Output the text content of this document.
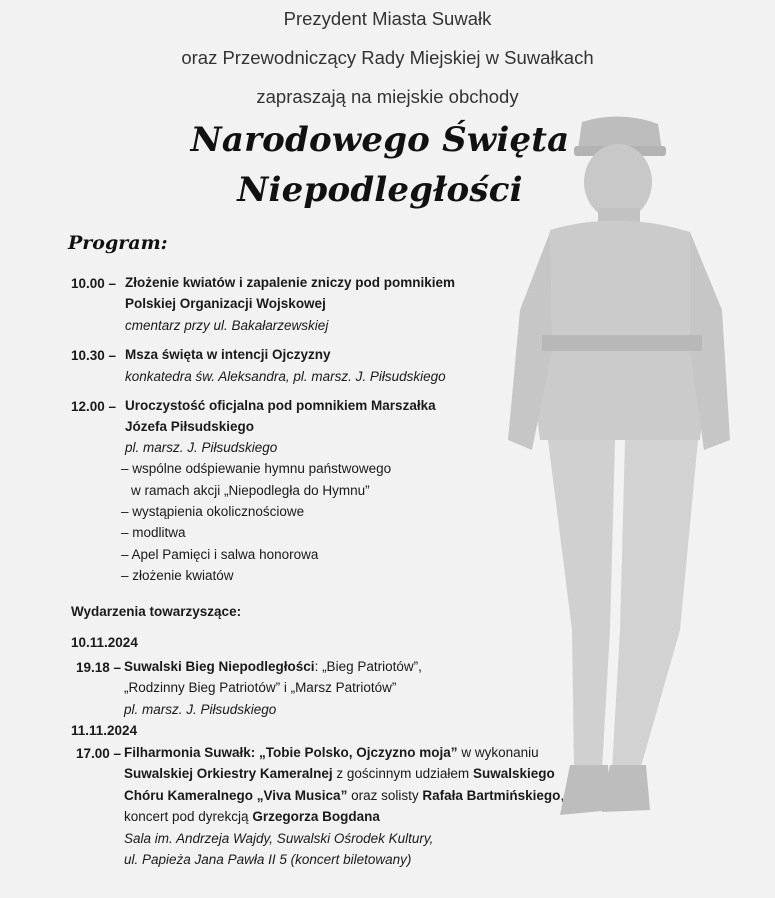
Prezydent Miasta Suwałk
oraz Przewodniczący Rady Miejskiej w Suwałkach
zapraszają na miejskie obchody
Narodowego Święta
Niepodległości
Program:
10.00 – Złożenie kwiatów i zapalenie zniczy pod pomnikiem
Polskiej Organizacji Wojskowej
cmentarz przy ul. Bakałarzewskiej
10.30 – Msza święta w intencji Ojczyzny
konkatedra św. Aleksandra, pl. marsz. J. Piłsudskiego
12.00 – Uroczystość oficjalna pod pomnikiem Marszałka
Józefa Piłsudskiego
pl. marsz. J. Piłsudskiego
– wspólne odśpiewanie hymnu państwowego
w ramach akcji „Niepodległa do Hymnu”
– wystąpienia okolicznościowe
– modlitwa
– Apel Pamięci i salwa honorowa
– złożenie kwiatów
Wydarzenia towarzyszące:
10.11.2024
19.18 – Suwalski Bieg Niepodległości: „Bieg Patriotów”,
„Rodzinny Bieg Patriotów” i „Marsz Patriotów”
pl. marsz. J. Piłsudskiego
11.11.2024
17.00 – Filharmonia Suwałk: „Tobie Polsko, Ojczyzno moja” w wykonaniu
Suwalskiej Orkiestry Kameralnej z gościnnym udziałem Suwalskiego
Chóru Kameralnego „Viva Musica” oraz solisty Rafała Bartmińskiego,
koncert pod dyrekcją Grzegorza Bogdana
Sala im. Andrzeja Wajdy, Suwalski Ośrodek Kultury,
ul. Papieża Jana Pawła II 5 (koncert biletowany)
